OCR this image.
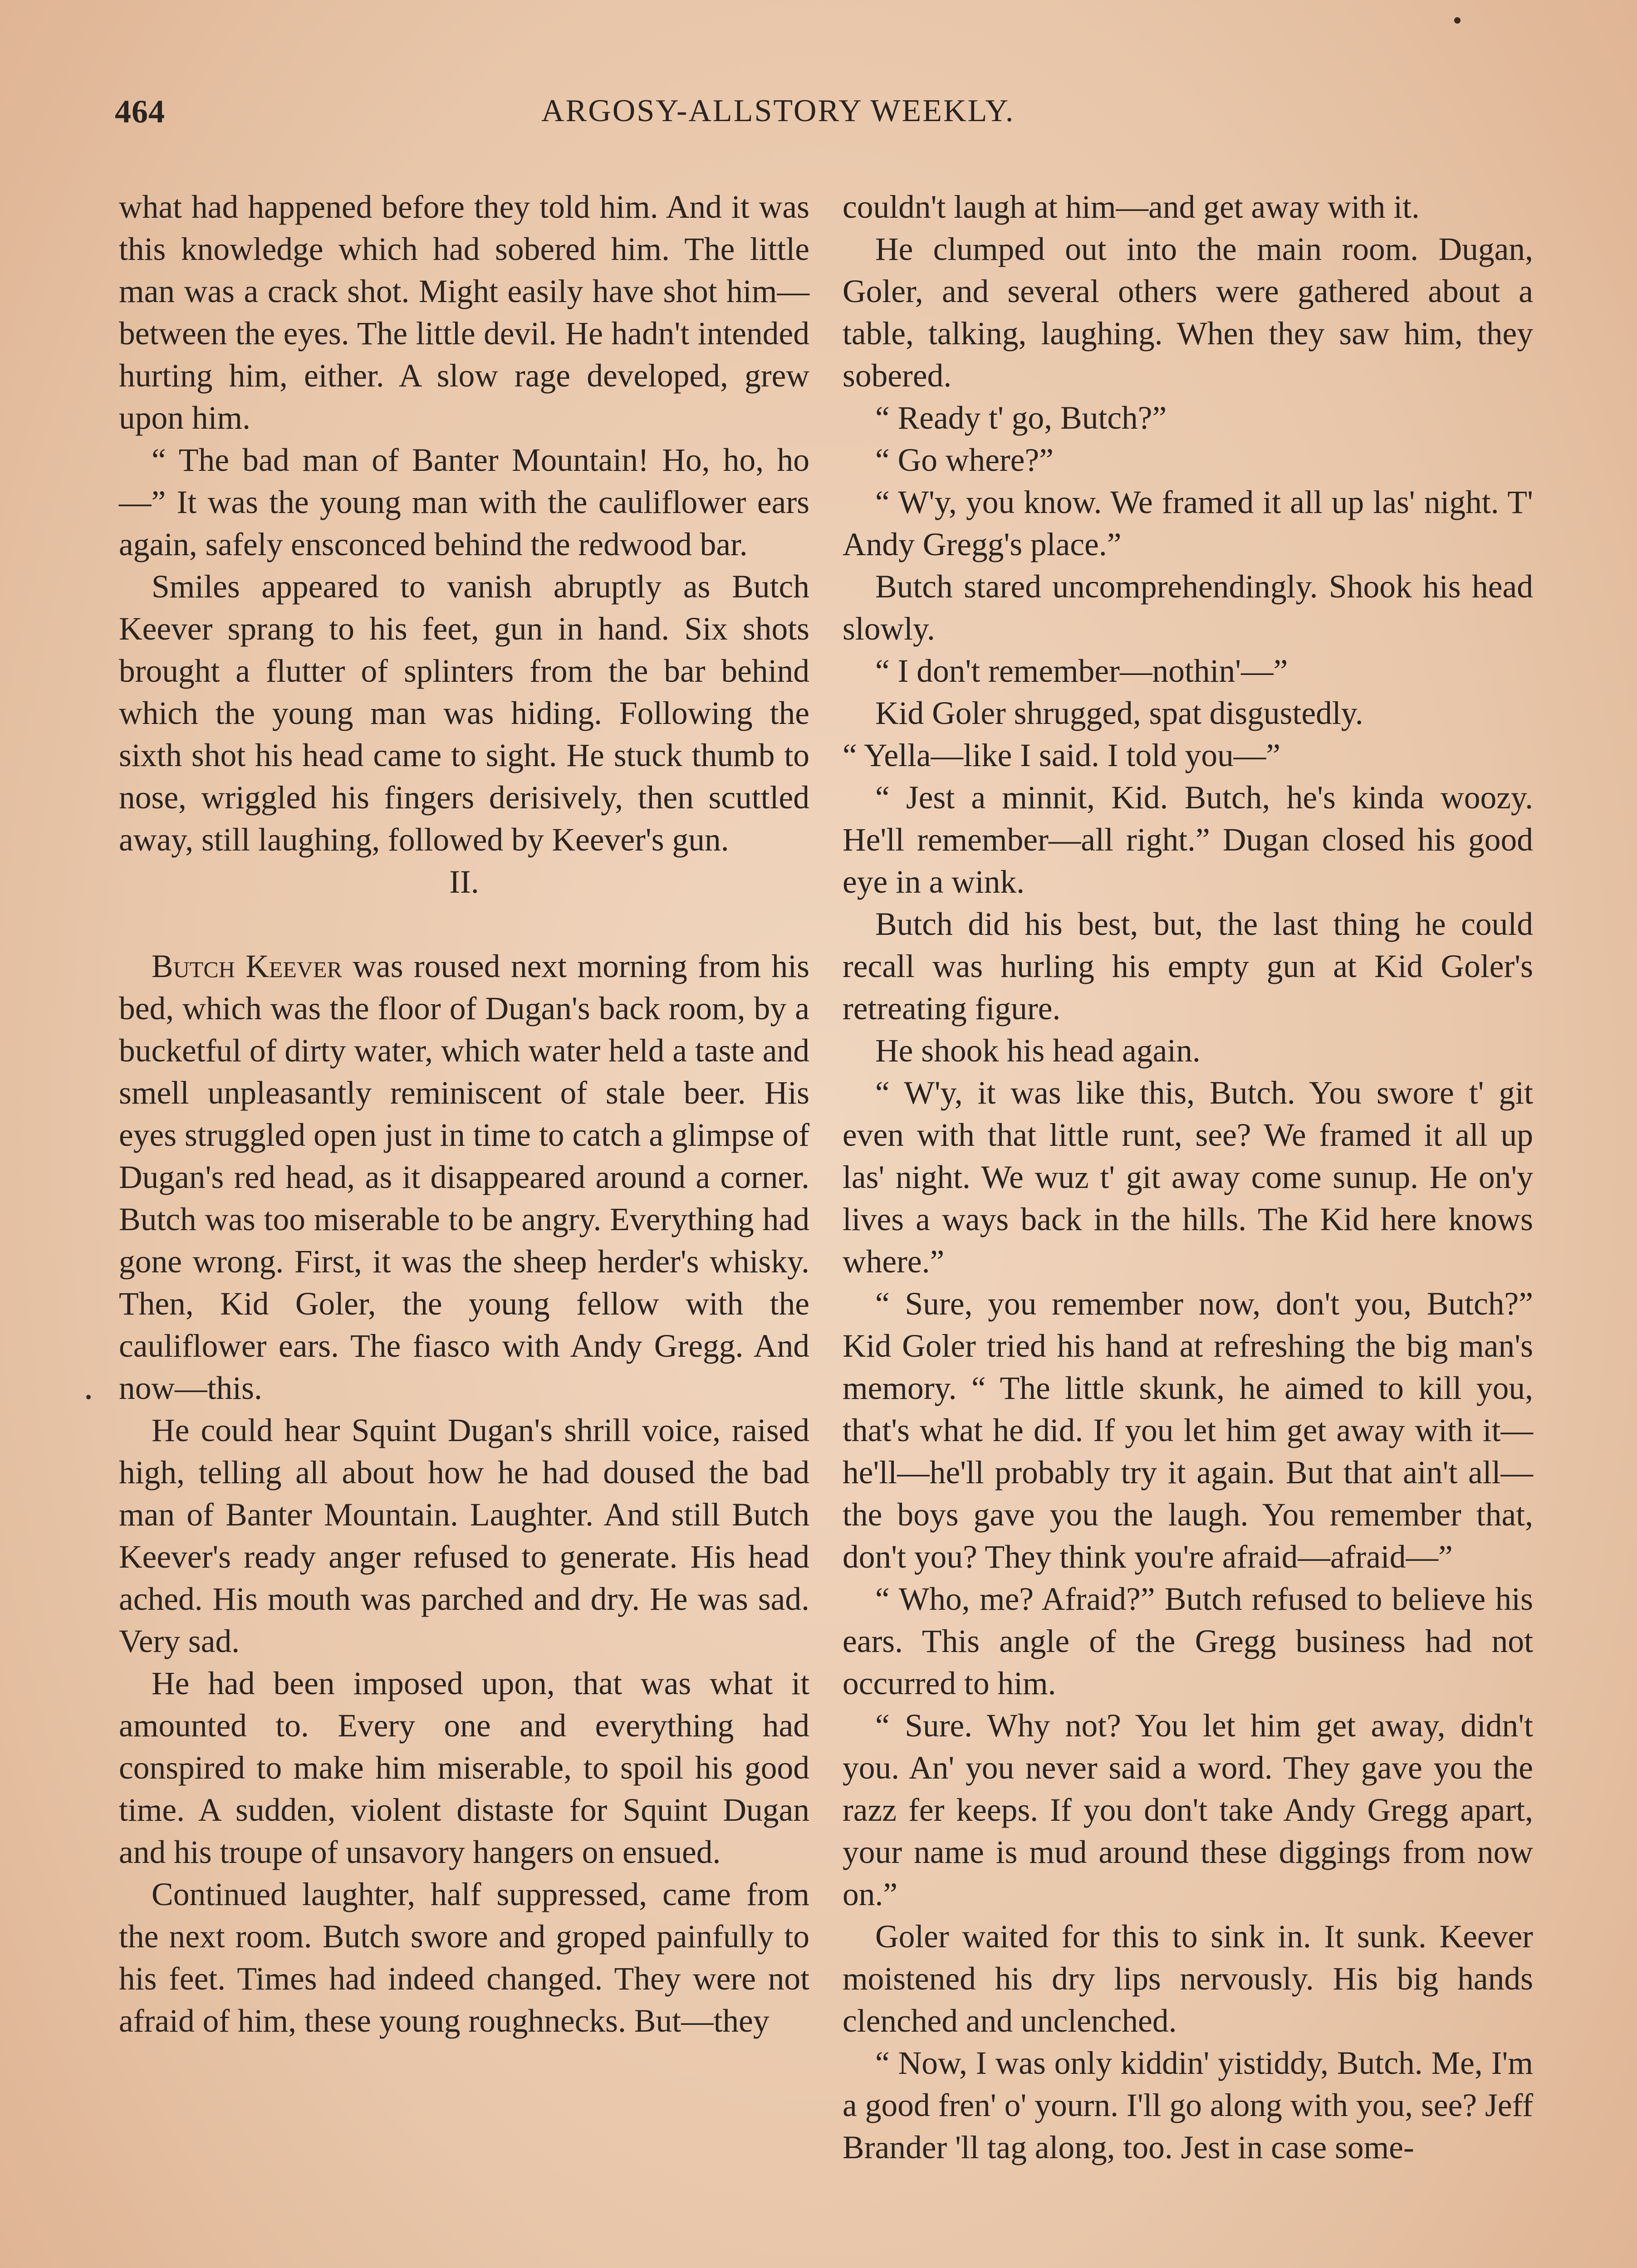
464	ARGOSY-ALLSTORY WEEKLY.

what had happened before they told him. And it was this knowledge which had sobered him. The little man was a crack shot. Might easily have shot him—between the eyes. The little devil. He hadn't intended hurting him, either. A slow rage developed, grew upon him.

“ The bad man of Banter Mountain! Ho, ho, ho—” It was the young man with the cauliflower ears again, safely ensconced behind the redwood bar.

Smiles appeared to vanish abruptly as Butch Keever sprang to his feet, gun in hand. Six shots brought a flutter of splinters from the bar behind which the young man was hiding. Following the sixth shot his head came to sight. He stuck thumb to nose, wriggled his fingers derisively, then scuttled away, still laughing, followed by Keever's gun.

II.

Butch Keever was roused next morning from his bed, which was the floor of Dugan's back room, by a bucketful of dirty water, which water held a taste and smell unpleasantly reminiscent of stale beer. His eyes struggled open just in time to catch a glimpse of Dugan's red head, as it disappeared around a corner. Butch was too miserable to be angry. Everything had gone wrong. First, it was the sheep herder's whisky. Then, Kid Goler, the young fellow with the cauliflower ears. The fiasco with Andy Gregg. And now—this.

He could hear Squint Dugan's shrill voice, raised high, telling all about how he had doused the bad man of Banter Mountain. Laughter. And still Butch Keever's ready anger refused to generate. His head ached. His mouth was parched and dry. He was sad. Very sad.

He had been imposed upon, that was what it amounted to. Every one and everything had conspired to make him miserable, to spoil his good time. A sudden, violent distaste for Squint Dugan and his troupe of unsavory hangers on ensued.

Continued laughter, half suppressed, came from the next room. Butch swore and groped painfully to his feet. Times had indeed changed. They were not afraid of him, these young roughnecks. But—they

couldn't laugh at him—and get away with it.

He clumped out into the main room. Dugan, Goler, and several others were gathered about a table, talking, laughing. When they saw him, they sobered.

“ Ready t' go, Butch?”

“ Go where?”

“ W'y, you know. We framed it all up las' night. T' Andy Gregg's place.”

Butch stared uncomprehendingly. Shook his head slowly.

“ I don't remember—nothin'—”

Kid Goler shrugged, spat disgustedly.

“ Yella—like I said. I told you—”

“ Jest a minnit, Kid. Butch, he's kinda woozy. He'll remember—all right.” Dugan closed his good eye in a wink.

Butch did his best, but, the last thing he could recall was hurling his empty gun at Kid Goler's retreating figure.

He shook his head again.

“ W'y, it was like this, Butch. You swore t' git even with that little runt, see? We framed it all up las' night. We wuz t' git away come sunup. He on'y lives a ways back in the hills. The Kid here knows where.”

“ Sure, you remember now, don't you, Butch?” Kid Goler tried his hand at refreshing the big man's memory. “ The little skunk, he aimed to kill you, that's what he did. If you let him get away with it—he'll—he'll probably try it again. But that ain't all—the boys gave you the laugh. You remember that, don't you? They think you're afraid—afraid—”

“ Who, me? Afraid?” Butch refused to believe his ears. This angle of the Gregg business had not occurred to him.

“ Sure. Why not? You let him get away, didn't you. An' you never said a word. They gave you the razz fer keeps. If you don't take Andy Gregg apart, your name is mud around these diggings from now on.”

Goler waited for this to sink in. It sunk. Keever moistened his dry lips nervously. His big hands clenched and unclenched.

“ Now, I was only kiddin' yistiddy, Butch. Me, I'm a good fren' o' yourn. I'll go along with you, see? Jeff Brander 'll tag along, too. Jest in case some-
